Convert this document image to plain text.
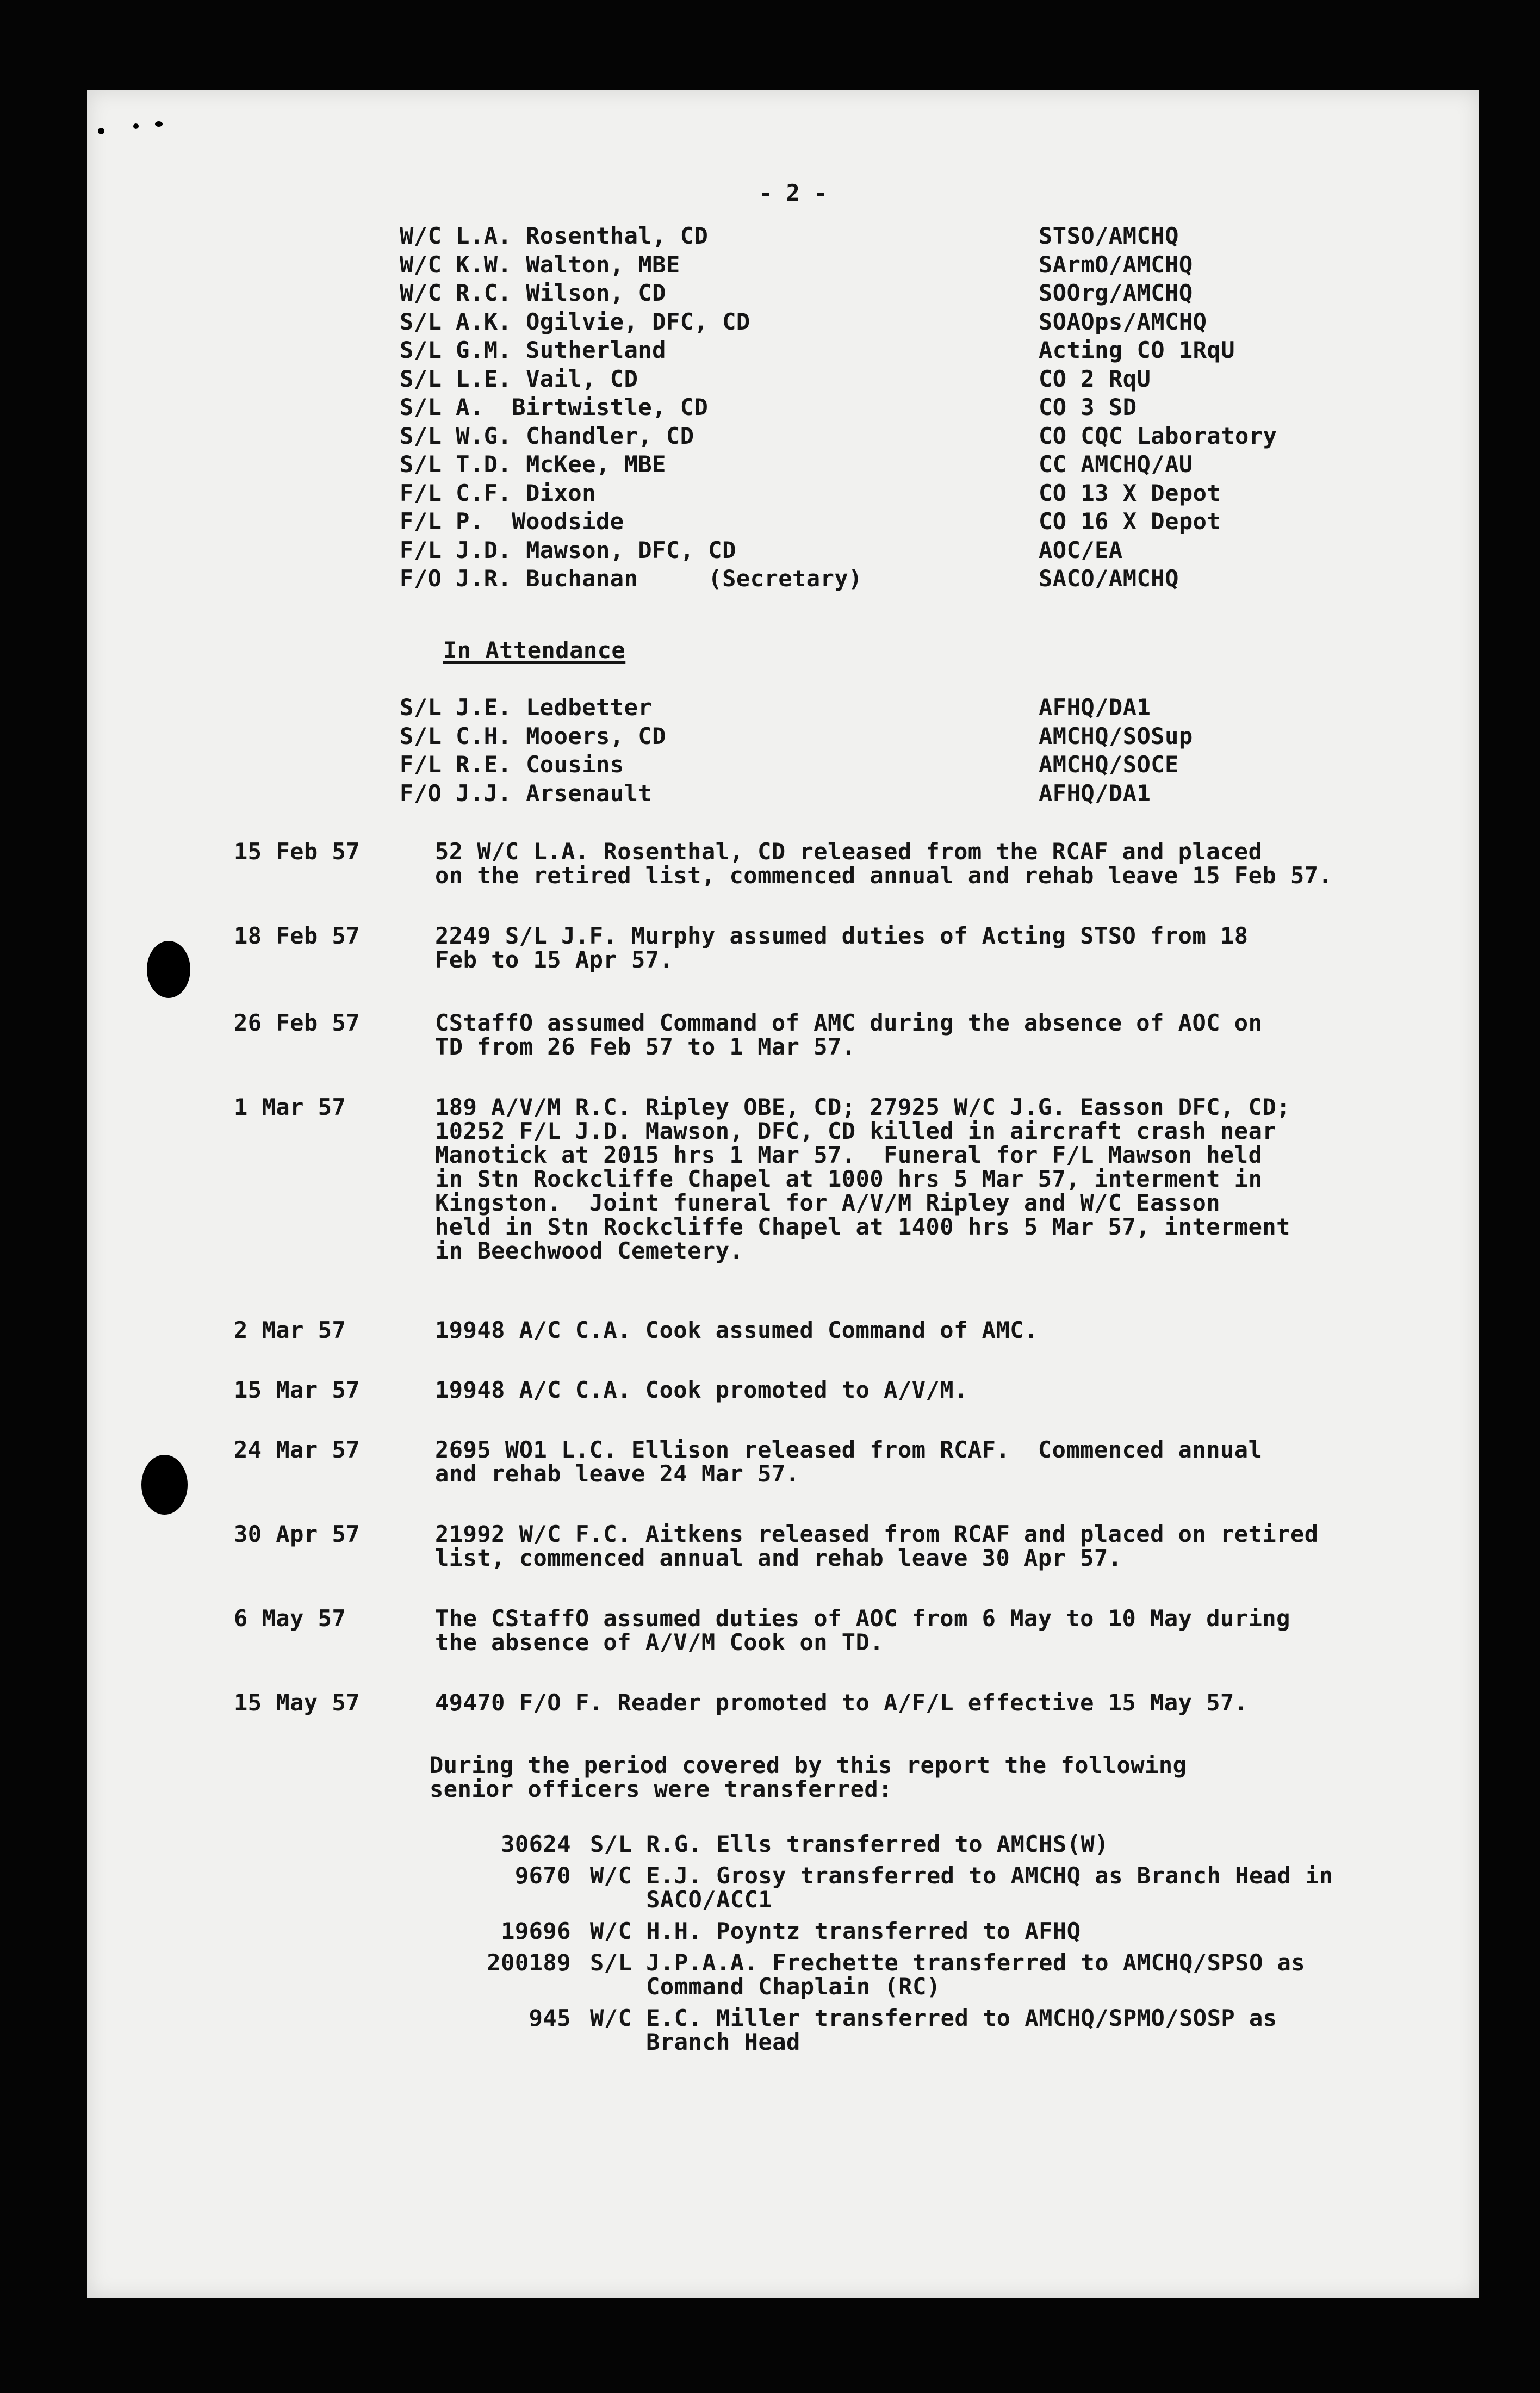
- 2 -
In Attendance
W/C L.A. Rosenthal, CD	STSO/AMCHQ
W/C K.W. Walton, MBE	SArmO/AMCHQ
W/C R.C. Wilson, CD	SOOrg/AMCHQ
S/L A.K. Ogilvie, DFC, CD	SOAOps/AMCHQ
S/L G.M. Sutherland	Acting CO 1RqU
S/L L.E. Vail, CD	CO 2 RqU
S/L A.  Birtwistle, CD	CO 3 SD
S/L W.G. Chandler, CD	CO CQC Laboratory
S/L T.D. McKee, MBE	CC AMCHQ/AU
F/L C.F. Dixon	CO 13 X Depot
F/L P.  Woodside	CO 16 X Depot
F/L J.D. Mawson, DFC, CD	AOC/EA
F/O J.R. Buchanan     (Secretary)	SACO/AMCHQ
S/L J.E. Ledbetter	AFHQ/DA1
S/L C.H. Mooers, CD	AMCHQ/SOSup
F/L R.E. Cousins	AMCHQ/SOCE
F/O J.J. Arsenault	AFHQ/DA1
15 Feb 57	52 W/C L.A. Rosenthal, CD released from the RCAF and placed
on the retired list, commenced annual and rehab leave 15 Feb 57.
18 Feb 57	2249 S/L J.F. Murphy assumed duties of Acting STSO from 18
Feb to 15 Apr 57.
26 Feb 57	CStaffO assumed Command of AMC during the absence of AOC on
TD from 26 Feb 57 to 1 Mar 57.
1 Mar 57	189 A/V/M R.C. Ripley OBE, CD; 27925 W/C J.G. Easson DFC, CD;
10252 F/L J.D. Mawson, DFC, CD killed in aircraft crash near
Manotick at 2015 hrs 1 Mar 57.  Funeral for F/L Mawson held
in Stn Rockcliffe Chapel at 1000 hrs 5 Mar 57, interment in
Kingston.  Joint funeral for A/V/M Ripley and W/C Easson
held in Stn Rockcliffe Chapel at 1400 hrs 5 Mar 57, interment
in Beechwood Cemetery.
2 Mar 57	19948 A/C C.A. Cook assumed Command of AMC.
15 Mar 57	19948 A/C C.A. Cook promoted to A/V/M.
24 Mar 57	2695 WO1 L.C. Ellison released from RCAF.  Commenced annual
and rehab leave 24 Mar 57.
30 Apr 57	21992 W/C F.C. Aitkens released from RCAF and placed on retired
list, commenced annual and rehab leave 30 Apr 57.
6 May 57	The CStaffO assumed duties of AOC from 6 May to 10 May during
the absence of A/V/M Cook on TD.
15 May 57	49470 F/O F. Reader promoted to A/F/L effective 15 May 57.
During the period covered by this report the following
senior officers were transferred:
30624 S/L R.G. Ells transferred to AMCHS(W)
9670 W/C E.J. Grosy transferred to AMCHQ as Branch Head in
SACO/ACC1
19696 W/C H.H. Poyntz transferred to AFHQ
200189 S/L J.P.A.A. Frechette transferred to AMCHQ/SPSO as
Command Chaplain (RC)
945 W/C E.C. Miller transferred to AMCHQ/SPMO/SOSP as
Branch Head
